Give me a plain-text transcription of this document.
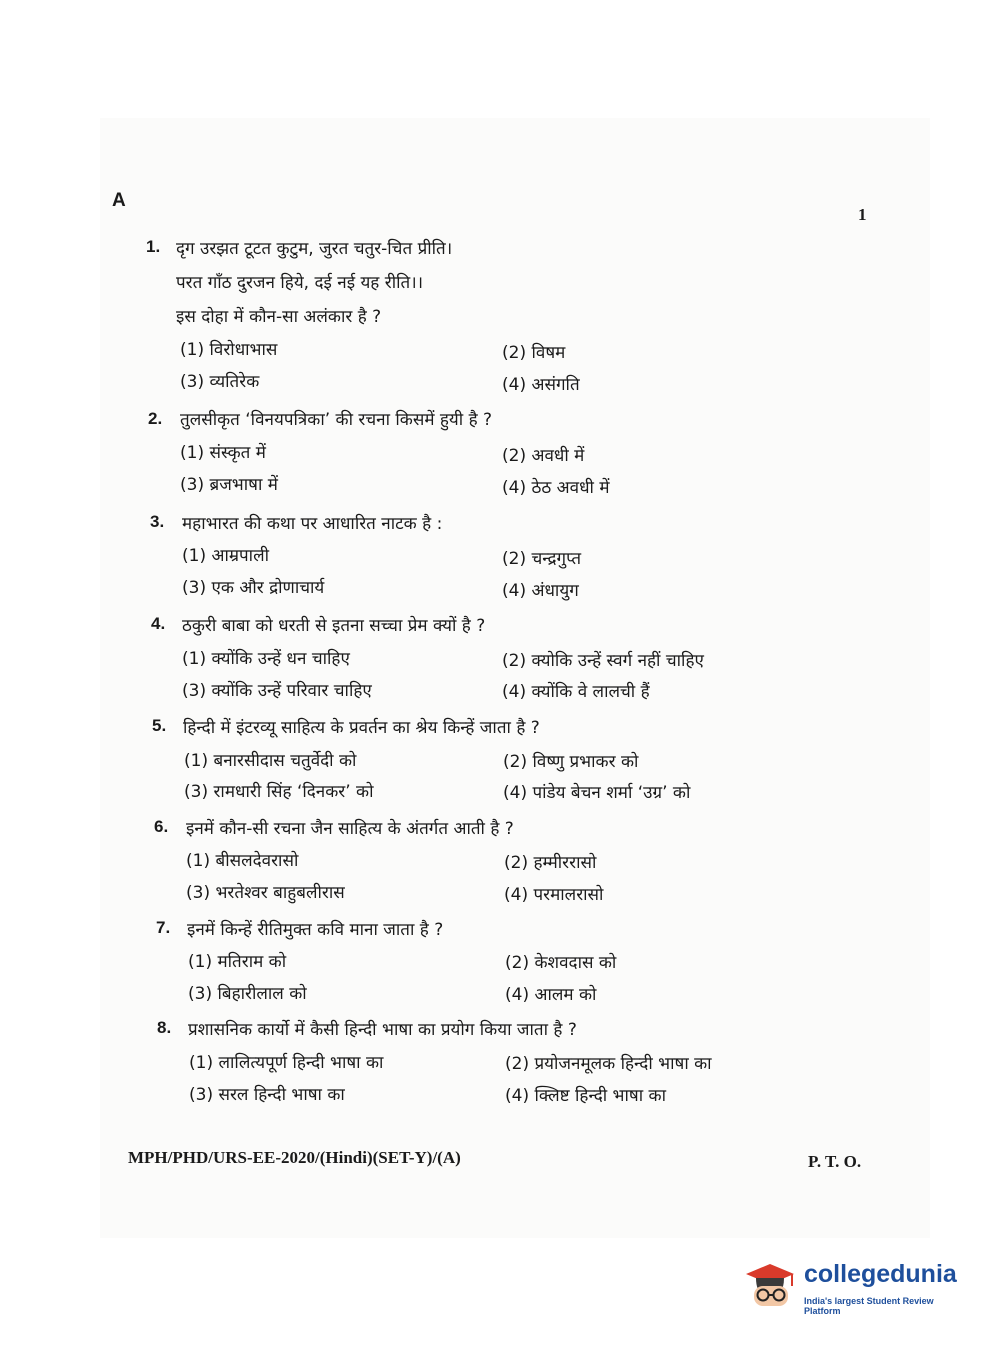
A
1
1. दृग उरझत टूटत कुटुम, जुरत चतुर-चित प्रीति।
परत गाँठ दुरजन हिये, दई नई यह रीति।।
इस दोहा में कौन-सा अलंकार है ?
(1) विरोधाभास	(2) विषम
(3) व्यतिरेक	(4) असंगति
2. तुलसीकृत ‘विनयपत्रिका’ की रचना किसमें हुयी है ?
(1) संस्कृत में	(2) अवधी में
(3) ब्रजभाषा में	(4) ठेठ अवधी में
3. महाभारत की कथा पर आधारित नाटक है :
(1) आम्रपाली	(2) चन्द्रगुप्त
(3) एक और द्रोणाचार्य	(4) अंधायुग
4. ठकुरी बाबा को धरती से इतना सच्चा प्रेम क्यों है ?
(1) क्योंकि उन्हें धन चाहिए	(2) क्योकि उन्हें स्वर्ग नहीं चाहिए
(3) क्योंकि उन्हें परिवार चाहिए	(4) क्योंकि वे लालची हैं
5. हिन्दी में इंटरव्यू साहित्य के प्रवर्तन का श्रेय किन्हें जाता है ?
(1) बनारसीदास चतुर्वेदी को	(2) विष्णु प्रभाकर को
(3) रामधारी सिंह ‘दिनकर’ को	(4) पांडेय बेचन शर्मा ‘उग्र’ को
6. इनमें कौन-सी रचना जैन साहित्य के अंतर्गत आती है ?
(1) बीसलदेवरासो	(2) हम्मीररासो
(3) भरतेश्वर बाहुबलीरास	(4) परमालरासो
7. इनमें किन्हें रीतिमुक्त कवि माना जाता है ?
(1) मतिराम को	(2) केशवदास को
(3) बिहारीलाल को	(4) आलम को
8. प्रशासनिक कार्यो में कैसी हिन्दी भाषा का प्रयोग किया जाता है ?
(1) लालित्यपूर्ण हिन्दी भाषा का	(2) प्रयोजनमूलक हिन्दी भाषा का
(3) सरल हिन्दी भाषा का	(4) क्लिष्ट हिन्दी भाषा का
MPH/PHD/URS-EE-2020/(Hindi)(SET-Y)/(A)	P. T. O.
collegedunia
India's largest Student Review Platform
